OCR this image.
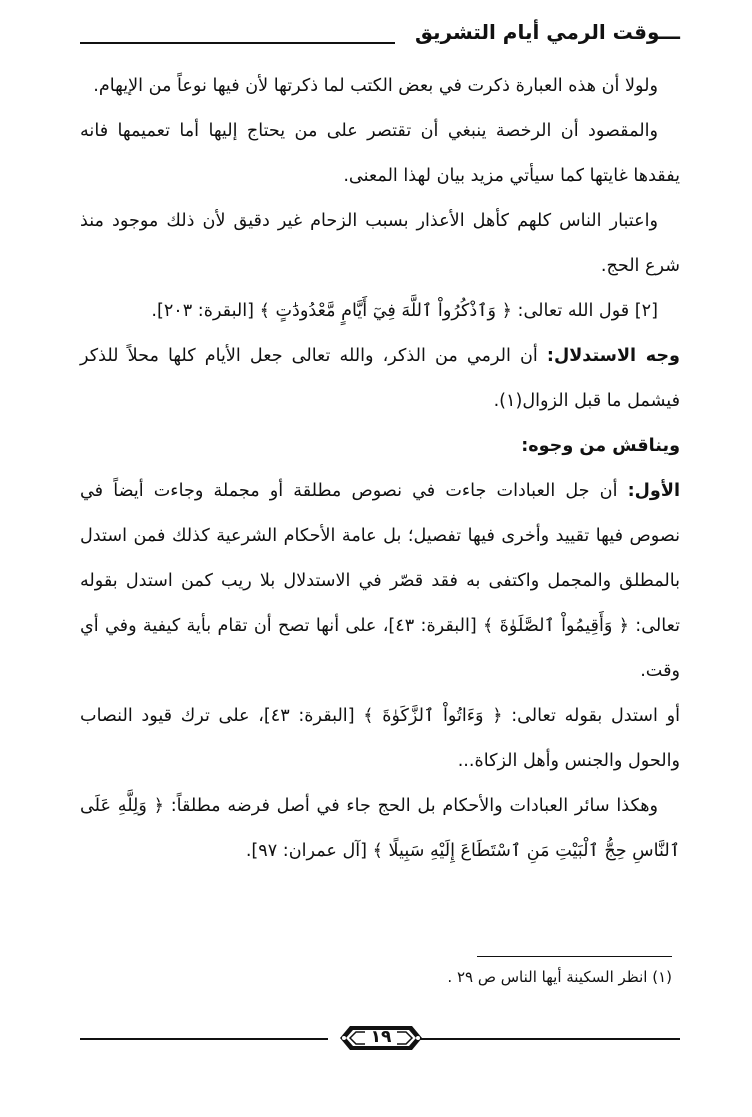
ـــوقت الرمي أيام التشريق

ولولا أن هذه العبارة ذكرت في بعض الكتب لما ذكرتها لأن فيها نوعاً من الإيهام.

والمقصود أن الرخصة ينبغي أن تقتصر على من يحتاج إليها أما تعميمها فانه يفقدها غايتها كما سيأتي مزيد بيان لهذا المعنى.

واعتبار الناس كلهم كأهل الأعذار بسبب الزحام غير دقيق لأن ذلك موجود منذ شرع الحج.

[٢] قول الله تعالى: ﴿ وَٱذْكُرُواْ ٱللَّهَ فِيٓ أَيَّامٍ مَّعْدُودَٰتٍ ﴾ [البقرة: ٢٠٣].

وجه الاستدلال: أن الرمي من الذكر، والله تعالى جعل الأيام كلها محلاً للذكر فيشمل ما قبل الزوال(١).

ويناقش من وجوه:

الأول: أن جل العبادات جاءت في نصوص مطلقة أو مجملة وجاءت أيضاً في نصوص فيها تقييد وأخرى فيها تفصيل؛ بل عامة الأحكام الشرعية كذلك فمن استدل بالمطلق والمجمل واكتفى به فقد قصّر في الاستدلال بلا ريب كمن استدل بقوله تعالى: ﴿ وَأَقِيمُواْ ٱلصَّلَوٰةَ ﴾ [البقرة: ٤٣]، على أنها تصح أن تقام بأية كيفية وفي أي وقت.

أو استدل بقوله تعالى: ﴿ وَءَاتُواْ ٱلزَّكَوٰةَ ﴾ [البقرة: ٤٣]، على ترك قيود النصاب والحول والجنس وأهل الزكاة...

وهكذا سائر العبادات والأحكام بل الحج جاء في أصل فرضه مطلقاً: ﴿ وَلِلَّهِ عَلَى ٱلنَّاسِ حِجُّ ٱلْبَيْتِ مَنِ ٱسْتَطَاعَ إِلَيْهِ سَبِيلًا ﴾ [آل عمران: ٩٧].

(١) انظر السكينة أيها الناس ص ٢٩ .
١٩
